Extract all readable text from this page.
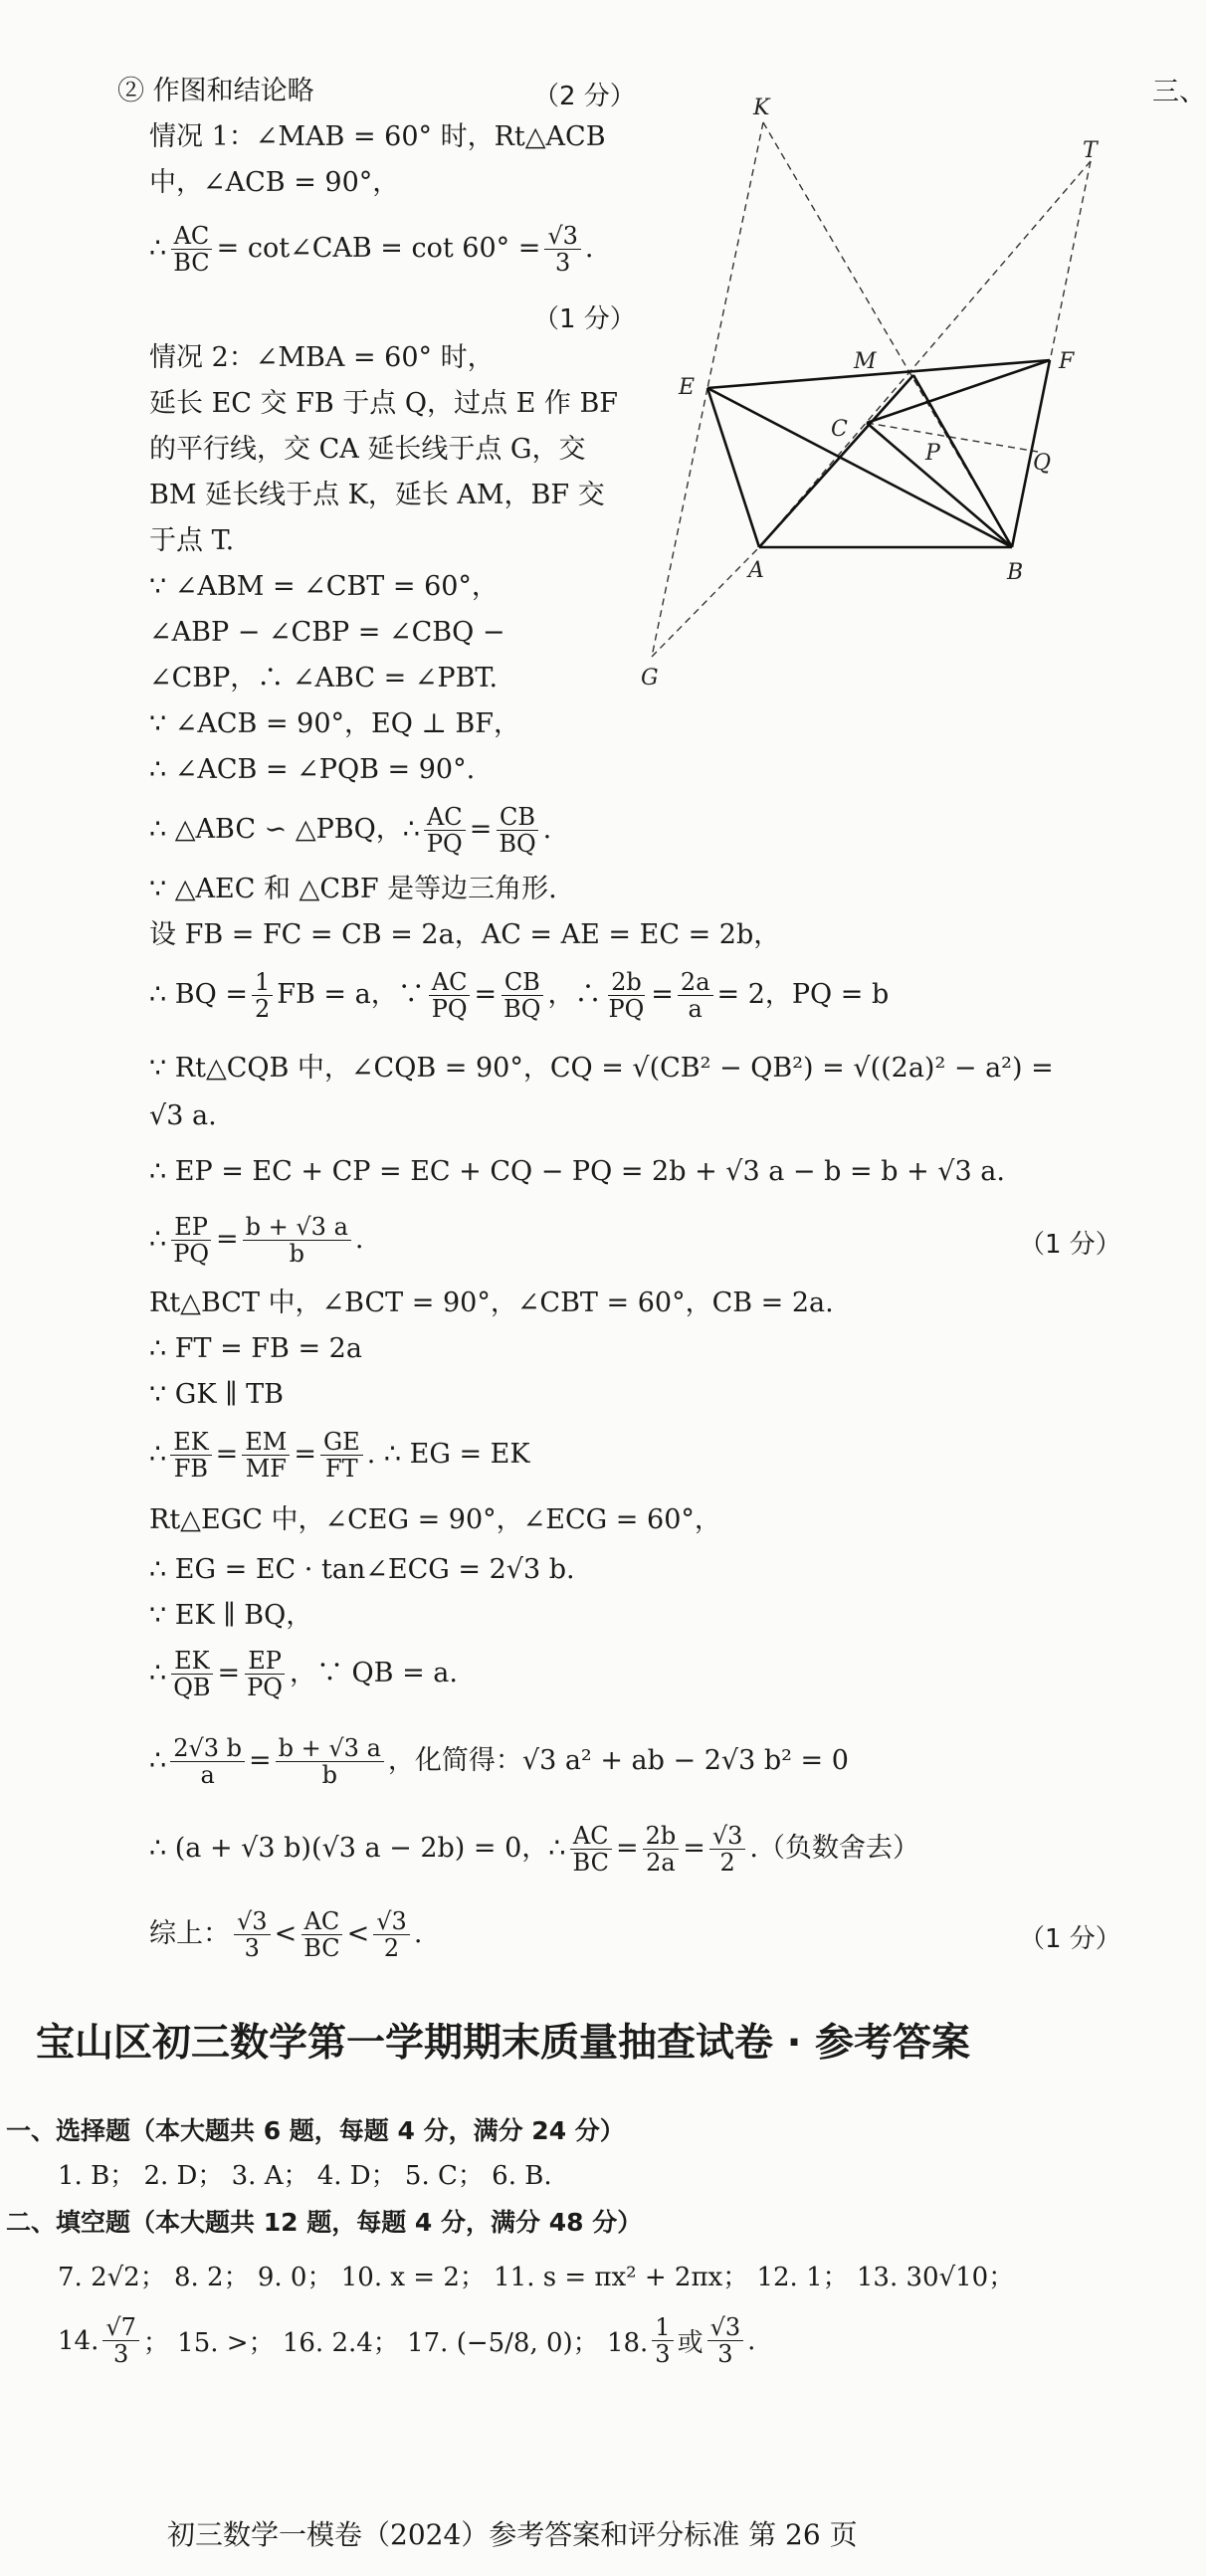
三、
② 作图和结论略	（2 分）
情况 1：∠MAB = 60° 时，Rt△ACB
中，∠ACB = 90°，
∴ $\frac{AC}{BC}$ = cot∠CAB = $\cot 60^\circ = \frac{√3}{3}$ .
（1 分）
情况 2：∠MBA = 60° 时，
延长 EC 交 FB 于点 Q，过点 E 作 BF
的平行线，交 CA 延长线于点 G，交
BM 延长线于点 K，延长 AM，BF 交
于点 T.
∵ ∠ABM = ∠CBT = 60°，
∠ABP − ∠CBP = ∠CBQ −
∠CBP，∴ ∠ABC = ∠PBT.
∵ ∠ACB = 90°，EQ ⊥ BF，
∴ ∠ACB = ∠PQB = 90°.
∴ △ABC ∽ △PBQ，∴ $\frac{AC}{PQ} = \frac{CB}{BQ}$ .
∵ △AEC 和 △CBF 是等边三角形.
设 FB = FC = CB = 2a，AC = AE = EC = 2b，
∴ BQ = $\frac{1}{2}$ FB = a，∵ $\frac{AC}{PQ} = \frac{CB}{BQ}$ ，∴ $\frac{2b}{PQ} = \frac{2a}{a} = 2$，PQ = b
∵ Rt△CQB 中，∠CQB = 90°，CQ = √(CB² − QB²) = √((2a)² − a²) =
√3 a.
∴ EP = EC + CP = EC + CQ − PQ = 2b + √3 a − b = b + √3 a.
∴ $\frac{EP}{PQ} = \frac{b + √3 a}{b}$ .	（1 分）
Rt△BCT 中，∠BCT = 90°，∠CBT = 60°，CB = 2a.
∴ FT = FB = 2a
∵ GK ∥ TB
∴ $\frac{EK}{FB} = \frac{EM}{MF} = \frac{GE}{FT}$ . ∴ EG = EK
Rt△EGC 中，∠CEG = 90°，∠ECG = 60°，
∴ EG = EC · tan∠ECG = 2√3 b.
∵ EK ∥ BQ，
∴ $\frac{EK}{QB} = \frac{EP}{PQ}$ ，∵ QB = a.
∴ $\frac{2√3 b}{a} = \frac{b + √3 a}{b}$ ，化简得：√3 a² + ab − 2√3 b² = 0
∴ (a + √3 b)(√3 a − 2b) = 0，∴ $\frac{AC}{BC} = \frac{2b}{2a} = \frac{√3}{2}$ .（负数舍去）
综上： $\frac{√3}{3} < \frac{AC}{BC} < \frac{√3}{2}$ .	（1 分）
K
T
M	F
E
C
P	Q
A	B
G
宝山区初三数学第一学期期末质量抽查试卷 · 参考答案
一、选择题（本大题共 6 题，每题 4 分，满分 24 分）
1. B； 2. D； 3. A； 4. D； 5. C； 6. B.
二、填空题（本大题共 12 题，每题 4 分，满分 48 分）
7. 2√2； 8. 2； 9. 0； 10. x = 2； 11. s = πx² + 2πx； 12. 1； 13. 30√10；
14. $\frac{√7}{3}$ ； 15. >； 16. 2.4； 17. (−5/8, 0)； 18. $\frac{1}{3}$ 或 $\frac{√3}{3}$ .
初三数学一模卷（2024）参考答案和评分标准 第 26 页
